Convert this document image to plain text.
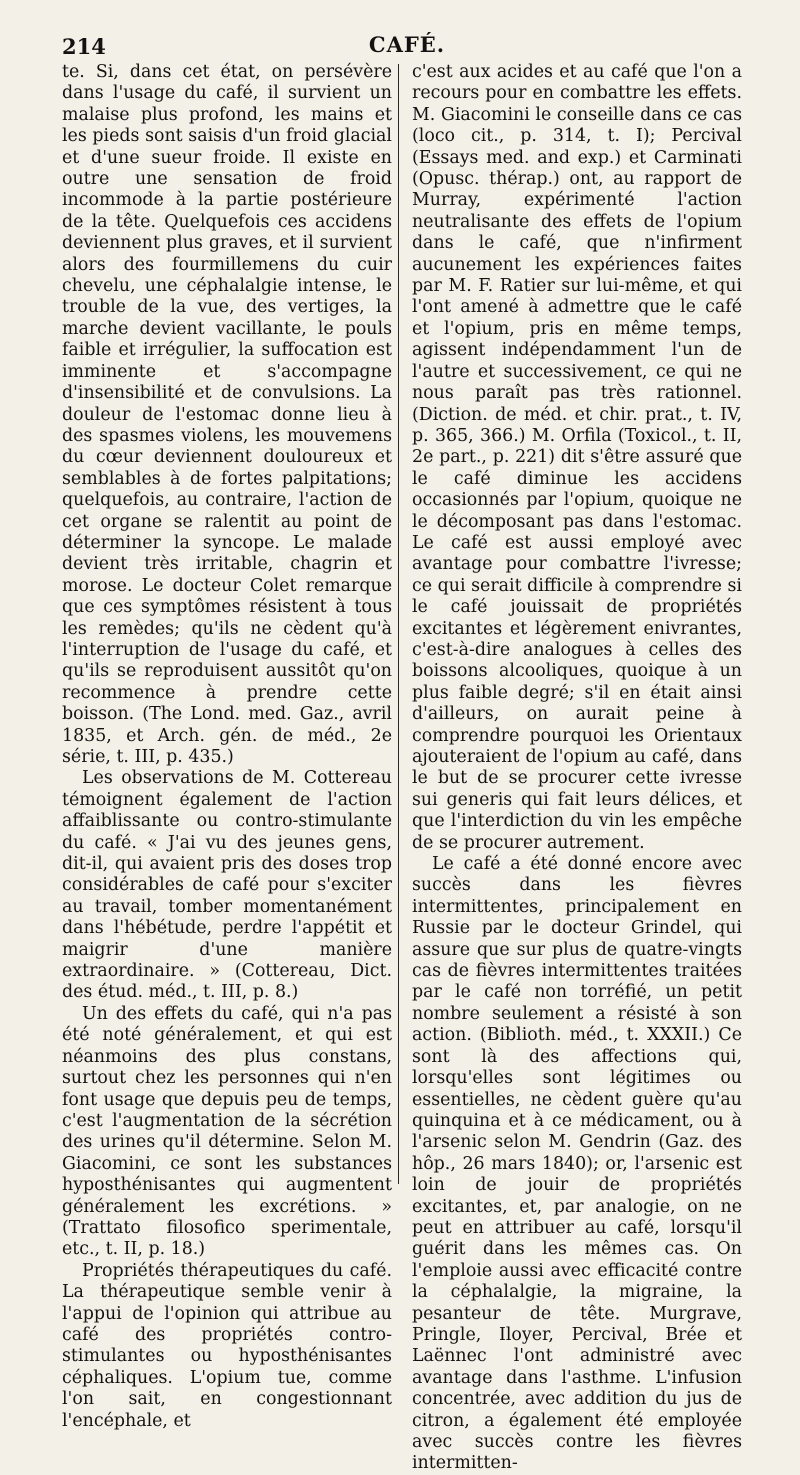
214	CAFÉ.

te. Si, dans cet état, on persévère dans l'usage du café, il survient un malaise plus profond, les mains et les pieds sont saisis d'un froid glacial et d'une sueur froide. Il existe en outre une sensation de froid incommode à la partie postérieure de la tête. Quelquefois ces accidens deviennent plus graves, et il survient alors des fourmillemens du cuir chevelu, une céphalalgie intense, le trouble de la vue, des vertiges, la marche devient vacillante, le pouls faible et irrégulier, la suffocation est imminente et s'accompagne d'insensibilité et de convulsions. La douleur de l'estomac donne lieu à des spasmes violens, les mouvemens du cœur deviennent douloureux et semblables à de fortes palpitations; quelquefois, au contraire, l'action de cet organe se ralentit au point de déterminer la syncope. Le malade devient très irritable, chagrin et morose. Le docteur Colet remarque que ces symptômes résistent à tous les remèdes; qu'ils ne cèdent qu'à l'interruption de l'usage du café, et qu'ils se reproduisent aussitôt qu'on recommence à prendre cette boisson. (The Lond. med. Gaz., avril 1835, et Arch. gén. de méd., 2e série, t. III, p. 435.)

Les observations de M. Cottereau témoignent également de l'action affaiblissante ou contro-stimulante du café. « J'ai vu des jeunes gens, dit-il, qui avaient pris des doses trop considérables de café pour s'exciter au travail, tomber momentanément dans l'hébétude, perdre l'appétit et maigrir d'une manière extraordinaire. » (Cottereau, Dict. des étud. méd., t. III, p. 8.)

Un des effets du café, qui n'a pas été noté généralement, et qui est néanmoins des plus constans, surtout chez les personnes qui n'en font usage que depuis peu de temps, c'est l'augmentation de la sécrétion des urines qu'il détermine. Selon M. Giacomini, ce sont les substances hyposthénisantes qui augmentent généralement les excrétions. » (Trattato filosofico sperimentale, etc., t. II, p. 18.)

Propriétés thérapeutiques du café. La thérapeutique semble venir à l'appui de l'opinion qui attribue au café des propriétés contro-stimulantes ou hyposthénisantes céphaliques. L'opium tue, comme l'on sait, en congestionnant l'encéphale, et

c'est aux acides et au café que l'on a recours pour en combattre les effets. M. Giacomini le conseille dans ce cas (loco cit., p. 314, t. I); Percival (Essays med. and exp.) et Carminati (Opusc. thérap.) ont, au rapport de Murray, expérimenté l'action neutralisante des effets de l'opium dans le café, que n'infirment aucunement les expériences faites par M. F. Ratier sur lui-même, et qui l'ont amené à admettre que le café et l'opium, pris en même temps, agissent indépendamment l'un de l'autre et successivement, ce qui ne nous paraît pas très rationnel. (Diction. de méd. et chir. prat., t. IV, p. 365, 366.) M. Orfila (Toxicol., t. II, 2e part., p. 221) dit s'être assuré que le café diminue les accidens occasionnés par l'opium, quoique ne le décomposant pas dans l'estomac. Le café est aussi employé avec avantage pour combattre l'ivresse; ce qui serait difficile à comprendre si le café jouissait de propriétés excitantes et légèrement enivrantes, c'est-à-dire analogues à celles des boissons alcooliques, quoique à un plus faible degré; s'il en était ainsi d'ailleurs, on aurait peine à comprendre pourquoi les Orientaux ajouteraient de l'opium au café, dans le but de se procurer cette ivresse sui generis qui fait leurs délices, et que l'interdiction du vin les empêche de se procurer autrement.

Le café a été donné encore avec succès dans les fièvres intermittentes, principalement en Russie par le docteur Grindel, qui assure que sur plus de quatre-vingts cas de fièvres intermittentes traitées par le café non torréfié, un petit nombre seulement a résisté à son action. (Biblioth. méd., t. XXXII.) Ce sont là des affections qui, lorsqu'elles sont légitimes ou essentielles, ne cèdent guère qu'au quinquina et à ce médicament, ou à l'arsenic selon M. Gendrin (Gaz. des hôp., 26 mars 1840); or, l'arsenic est loin de jouir de propriétés excitantes, et, par analogie, on ne peut en attribuer au café, lorsqu'il guérit dans les mêmes cas. On l'emploie aussi avec efficacité contre la céphalalgie, la migraine, la pesanteur de tête. Murgrave, Pringle, Iloyer, Percival, Brée et Laënnec l'ont administré avec avantage dans l'asthme. L'infusion concentrée, avec addition du jus de citron, a également été employée avec succès contre les fièvres intermitten-
